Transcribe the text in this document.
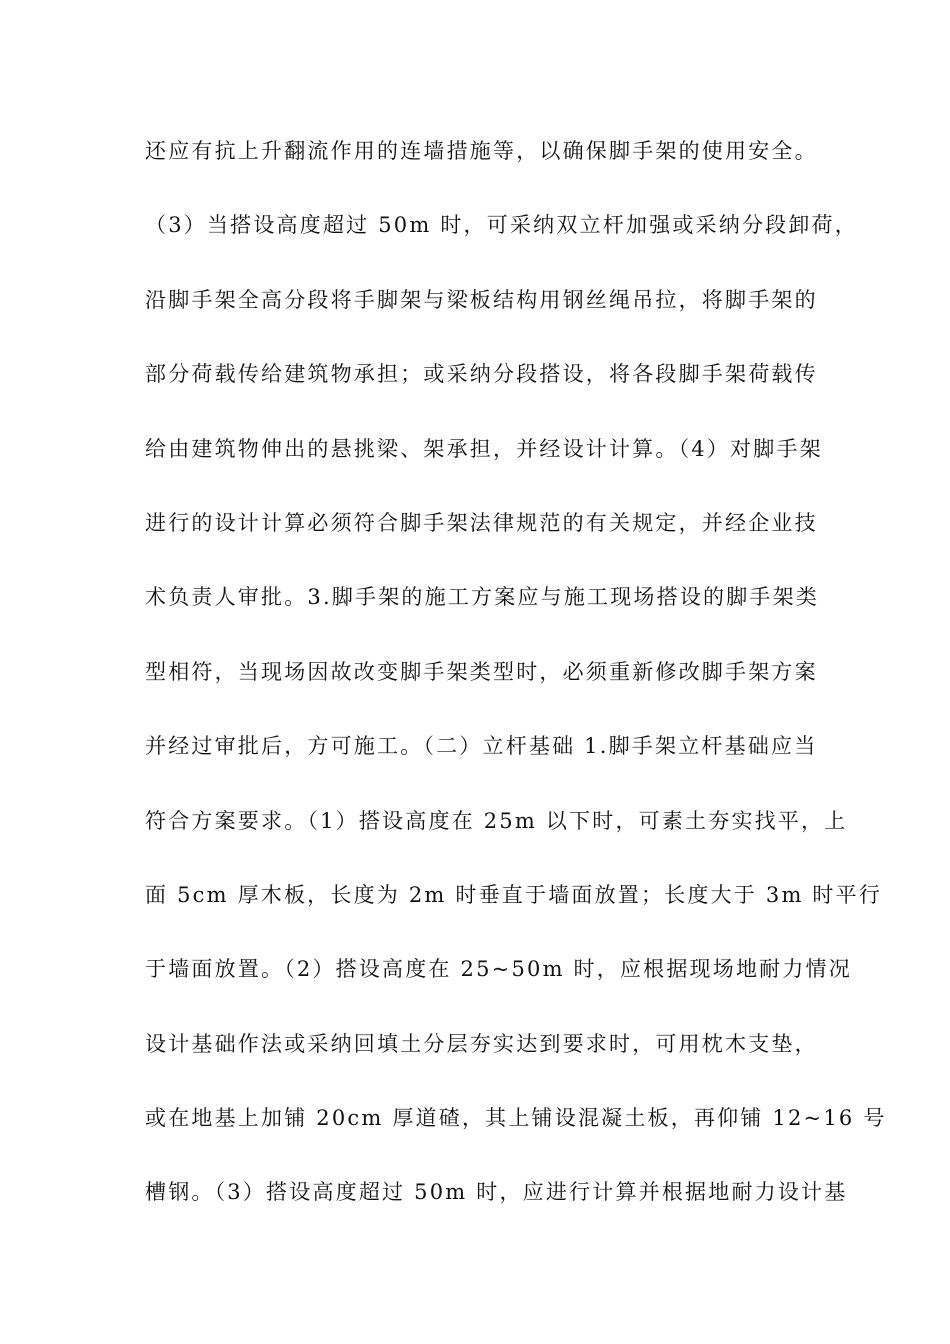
还应有抗上升翻流作用的连墙措施等，以确保脚手架的使用安全。
（3）当搭设高度超过 50m 时，可采纳双立杆加强或采纳分段卸荷，
沿脚手架全高分段将手脚架与梁板结构用钢丝绳吊拉，将脚手架的
部分荷载传给建筑物承担；或采纳分段搭设，将各段脚手架荷载传
给由建筑物伸出的悬挑梁、架承担，并经设计计算。（4）对脚手架
进行的设计计算必须符合脚手架法律规范的有关规定，并经企业技
术负责人审批。3.脚手架的施工方案应与施工现场搭设的脚手架类
型相符，当现场因故改变脚手架类型时，必须重新修改脚手架方案
并经过审批后，方可施工。（二）立杆基础 1.脚手架立杆基础应当
符合方案要求。（1）搭设高度在 25m 以下时，可素土夯实找平，上
面 5cm 厚木板，长度为 2m 时垂直于墙面放置；长度大于 3m 时平行
于墙面放置。（2）搭设高度在 25~50m 时，应根据现场地耐力情况
设计基础作法或采纳回填土分层夯实达到要求时，可用枕木支垫，
或在地基上加铺 20cm 厚道碴，其上铺设混凝土板，再仰铺 12~16 号
槽钢。（3）搭设高度超过 50m 时，应进行计算并根据地耐力设计基
